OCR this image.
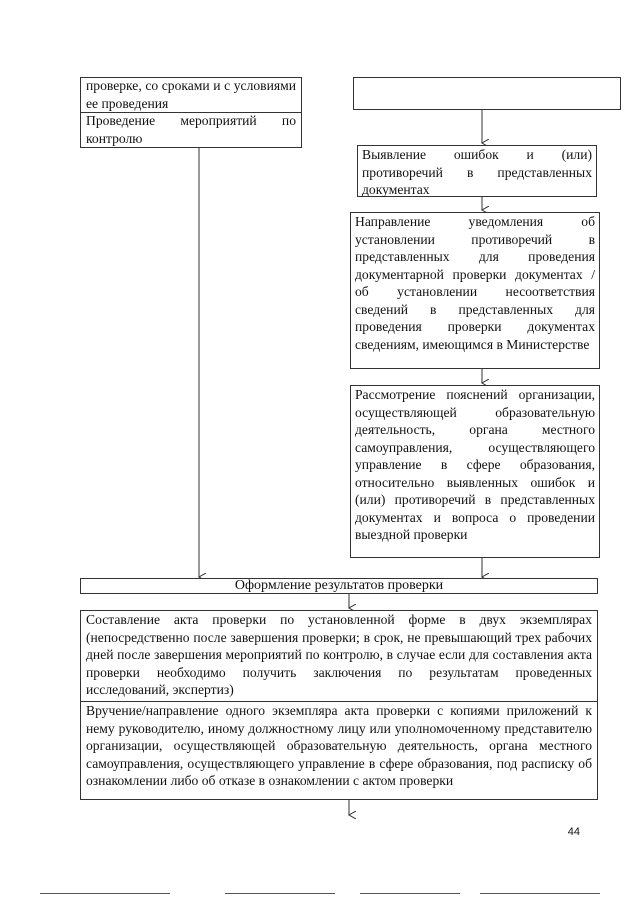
проверке, со сроками и с условиями ее проведения
Проведение мероприятий по контролю
Выявление ошибок и (или) противоречий в представленных документах
Направление уведомления об установлении противоречий в представленных для проведения документарной проверки документах / об установлении несоответствия сведений в представленных для проведения проверки документах сведениям, имеющимся в Министерстве
Рассмотрение пояснений организации, осуществляющей образовательную деятельность, органа местного самоуправления, осуществляющего управление в сфере образования, относительно выявленных ошибок и (или) противоречий в представленных документах и вопроса о проведении выездной проверки
Оформление результатов проверки
Составление акта проверки по установленной форме в двух экземплярах (непосредственно после завершения проверки; в срок, не превышающий трех рабочих дней после завершения мероприятий по контролю, в случае если для составления акта проверки необходимо получить заключения по результатам проведенных исследований, экспертиз)
Вручение/направление одного экземпляра акта проверки с копиями приложений к нему руководителю, иному должностному лицу или уполномоченному представителю организации, осуществляющей образовательную деятельность, органа местного самоуправления, осуществляющего управление в сфере образования, под расписку об ознакомлении либо об отказе в ознакомлении с актом проверки
44
